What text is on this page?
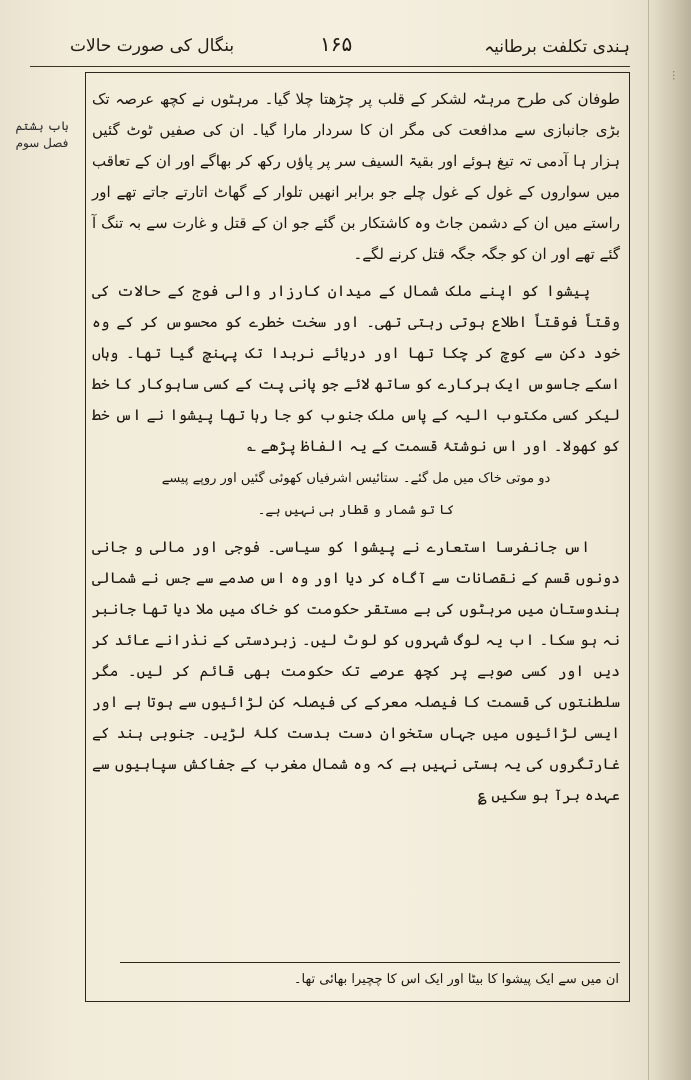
...
ہندی تکلفت برطانیہ
۱۶۵
بنگال کی صورت حالات
باب ہشتم
فصل سوم

طوفان کی طرح مرہٹہ لشکر کے قلب پر چڑھتا چلا گیا۔ مرہٹوں نے کچھ عرصہ تک بڑی جانبازی سے مدافعت کی مگر ان کا سردار مارا گیا۔ ان کی صفیں ٹوٹ گئیں ہزار ہا آدمی تہ تیغ ہوئے اور بقیۃ السیف سر پر پاؤں رکھ کر بھاگے اور ان کے تعاقب میں سواروں کے غول کے غول چلے جو برابر انھیں تلوار کے گھاٹ اتارتے جاتے تھے اور راستے میں ان کے دشمن جاٹ وہ کاشتکار بن گئے جو ان کے قتل و غارت سے بہ تنگ آ گئے تھے اور ان کو جگہ جگہ قتل کرنے لگے۔

پیشوا کو اپنے ملک شمال کے میدان کارزار والی فوج کے حالات کی وقتاً فوقتاً اطلاع ہوتی رہتی تھی۔ اور سخت خطرے کو محسوس کر کے وہ خود دکن سے کوچ کر چکا تھا اور دریائے نربدا تک پہنچ گیا تھا۔ وہاں اسکے جاسوس ایک ہرکارے کو ساتھ لائے جو پانی پت کے کسی ساہوکار کا خط لیکر کسی مکتوب الیہ کے پاس ملک جنوب کو جا رہا تھا پیشوا نے اس خط کو کھولا۔ اور اس نوشتۂ قسمت کے یہ الفاظ پڑھے ؎

دو موتی خاک میں مل گئے۔ ستائیس اشرفیاں کھوئی گئیں اور روپے پیسے

کا تو شمار و قطار ہی نہیں ہے۔

اس جانفرسا استعارے نے پیشوا کو سیاسی۔ فوجی اور مالی و جانی دونوں قسم کے نقصانات سے آگاہ کر دیا اور وہ اس صدمے سے جس نے شمالی ہندوستان میں مرہٹوں کی بے مستقر حکومت کو خاک میں ملا دیا تھا جانبر نہ ہو سکا۔ اب یہ لوگ شہروں کو لوٹ لیں۔ زبردستی کے نذرانے عائد کر دیں اور کسی صوبے پر کچھ عرصے تک حکومت بھی قائم کر لیں۔ مگر سلطنتوں کی قسمت کا فیصلہ معرکے کی فیصلہ کن لڑائیوں سے ہوتا ہے اور ایسی لڑائیوں میں جہاں ستخوانِ دست بدست کلۂ لڑیں۔ جنوبی ہند کے غارتگروں کی یہ ہستی نہیں ہے کہ وہ شمال مغرب کے جفاکش سپاہیوں سے عہدہ برآ ہو سکیں ؏

ان میں سے ایک پیشوا کا بیٹا اور ایک اس کا چچیرا بھائی تھا۔
